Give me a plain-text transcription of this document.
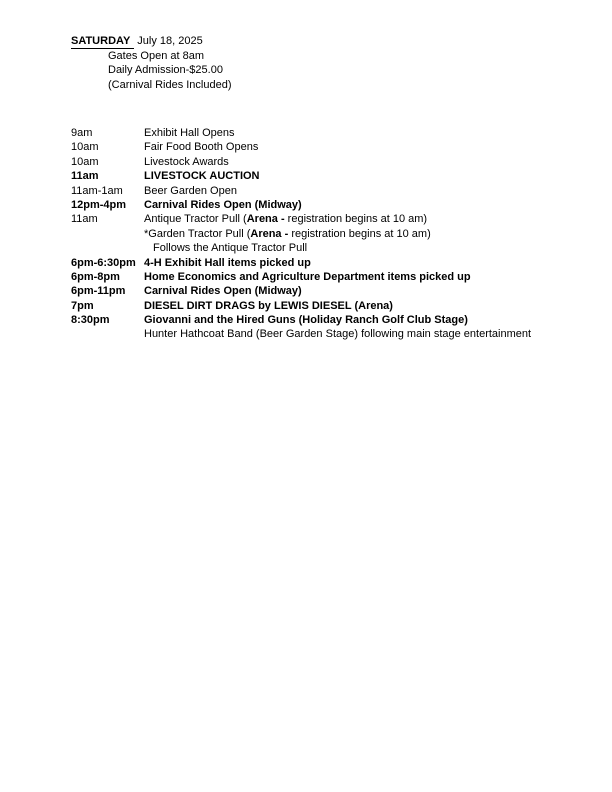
SATURDAY July 18, 2025
Gates Open at 8am
Daily Admission-$25.00
(Carnival Rides Included)
9am	Exhibit Hall Opens
10am	Fair Food Booth Opens
10am	Livestock Awards
11am	LIVESTOCK AUCTION
11am-1am	Beer Garden Open
12pm-4pm	Carnival Rides Open (Midway)
11am	Antique Tractor Pull (Arena - registration begins at 10 am)
*Garden Tractor Pull (Arena - registration begins at 10 am)
Follows the Antique Tractor Pull
6pm-6:30pm 4-H Exhibit Hall items picked up
6pm-8pm	Home Economics and Agriculture Department items picked up
6pm-11pm	Carnival Rides Open (Midway)
7pm	DIESEL DIRT DRAGS by LEWIS DIESEL (Arena)
8:30pm	Giovanni and the Hired Guns (Holiday Ranch Golf Club Stage)
Hunter Hathcoat Band (Beer Garden Stage) following main stage entertainment
